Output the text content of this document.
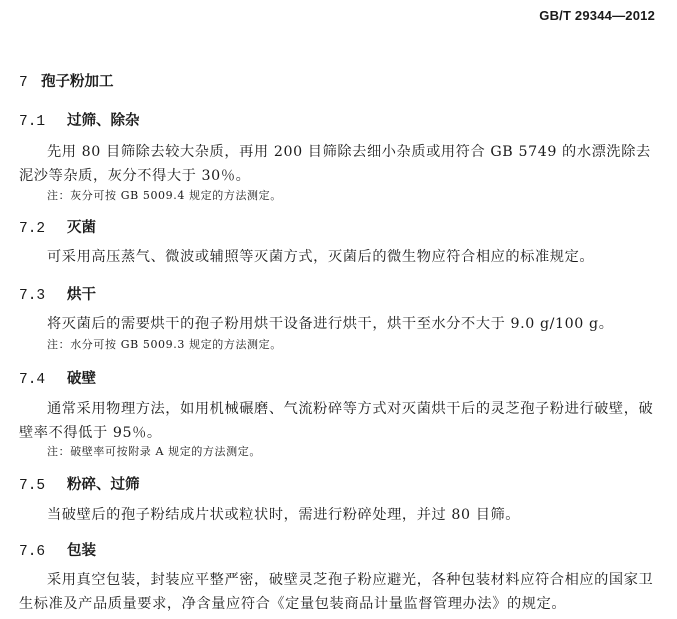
GB/T 29344—2012
7 孢子粉加工
7.1 过筛、除杂
先用 80 目筛除去较大杂质，再用 200 目筛除去细小杂质或用符合 GB 5749 的水漂洗除去泥沙等杂质，灰分不得大于 30％。
注：灰分可按 GB 5009.4 规定的方法测定。
7.2 灭菌
可采用高压蒸气、微波或辅照等灭菌方式，灭菌后的微生物应符合相应的标准规定。
7.3 烘干
将灭菌后的需要烘干的孢子粉用烘干设备进行烘干，烘干至水分不大于 9.0 g/100 g。
注：水分可按 GB 5009.3 规定的方法测定。
7.4 破壁
通常采用物理方法，如用机械碾磨、气流粉碎等方式对灭菌烘干后的灵芝孢子粉进行破壁，破壁率不得低于 95％。
注：破壁率可按附录 A 规定的方法测定。
7.5 粉碎、过筛
当破壁后的孢子粉结成片状或粒状时，需进行粉碎处理，并过 80 目筛。
7.6 包装
采用真空包装，封装应平整严密，破壁灵芝孢子粉应避光，各种包装材料应符合相应的国家卫生标准及产品质量要求，净含量应符合《定量包装商品计量监督管理办法》的规定。
